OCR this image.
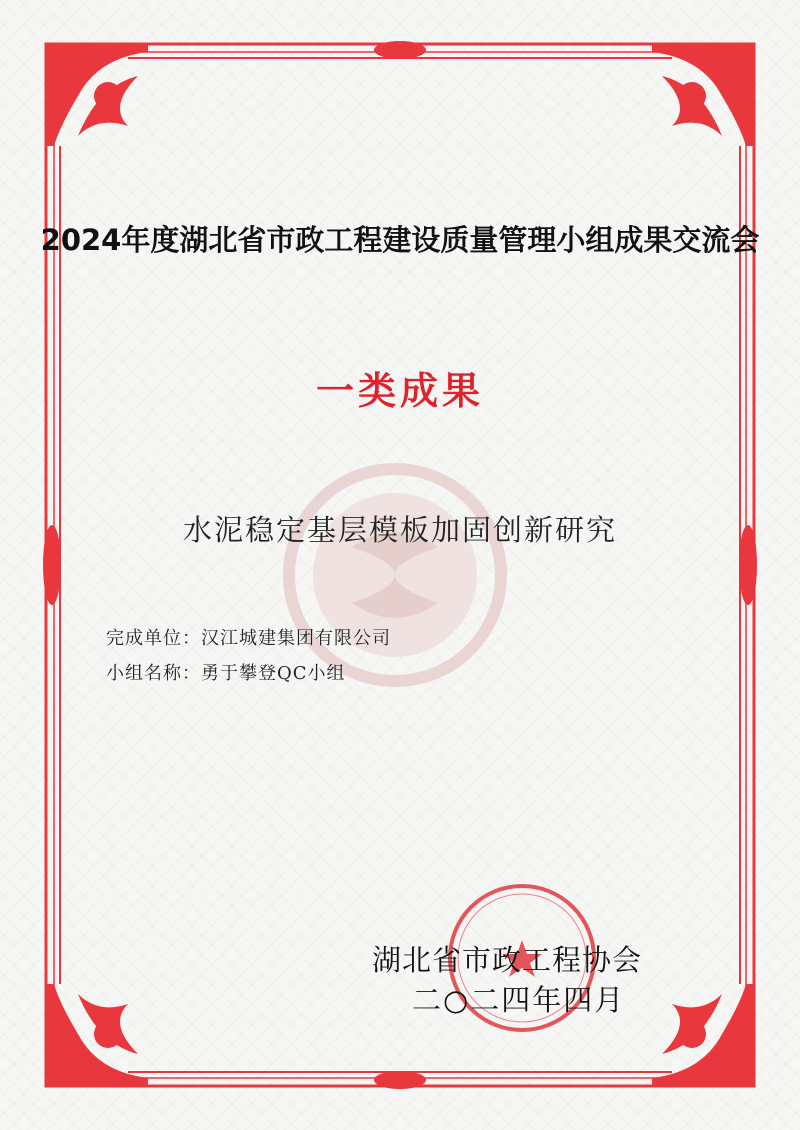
2024年度湖北省市政工程建设质量管理小组成果交流会
一类成果
水泥稳定基层模板加固创新研究
完成单位：汉江城建集团有限公司
小组名称：勇于攀登QC小组
湖北省市政工程协会
二○二四年四月
